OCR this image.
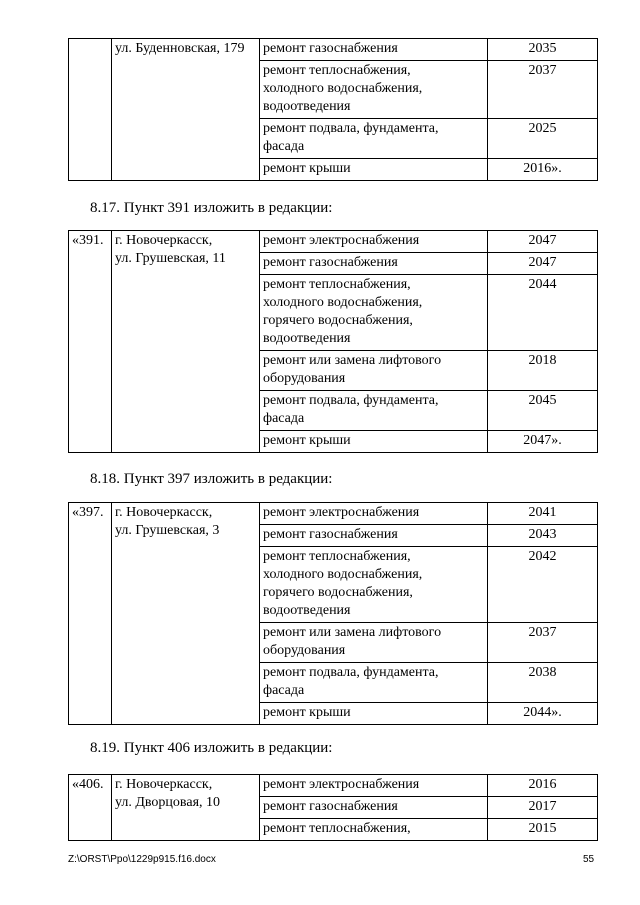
	ул. Буденновская, 179	ремонт газоснабжения	2035

		ремонт теплоснабжения,
холодного водоснабжения,
водоотведения	2037

		ремонт подвала, фундамента,
фасада	2025

		ремонт крыши	2016».

8.17. Пункт 391 изложить в редакции:

«391.	г. Новочеркасск,
ул. Грушевская, 11	ремонт электроснабжения	2047

		ремонт газоснабжения	2047

		ремонт теплоснабжения,
холодного водоснабжения,
горячего водоснабжения,
водоотведения	2044

		ремонт или замена лифтового
оборудования	2018

		ремонт подвала, фундамента,
фасада	2045

		ремонт крыши	2047».

8.18. Пункт 397 изложить в редакции:

«397.	г. Новочеркасск,
ул. Грушевская, 3	ремонт электроснабжения	2041

		ремонт газоснабжения	2043

		ремонт теплоснабжения,
холодного водоснабжения,
горячего водоснабжения,
водоотведения	2042

		ремонт или замена лифтового
оборудования	2037

		ремонт подвала, фундамента,
фасада	2038

		ремонт крыши	2044».

8.19. Пункт 406 изложить в редакции:

«406.	г. Новочеркасск,
ул. Дворцовая, 10	ремонт электроснабжения	2016

		ремонт газоснабжения	2017

		ремонт теплоснабжения,	2015
Z:\ORST\Ppo\1229p915.f16.docx	55
